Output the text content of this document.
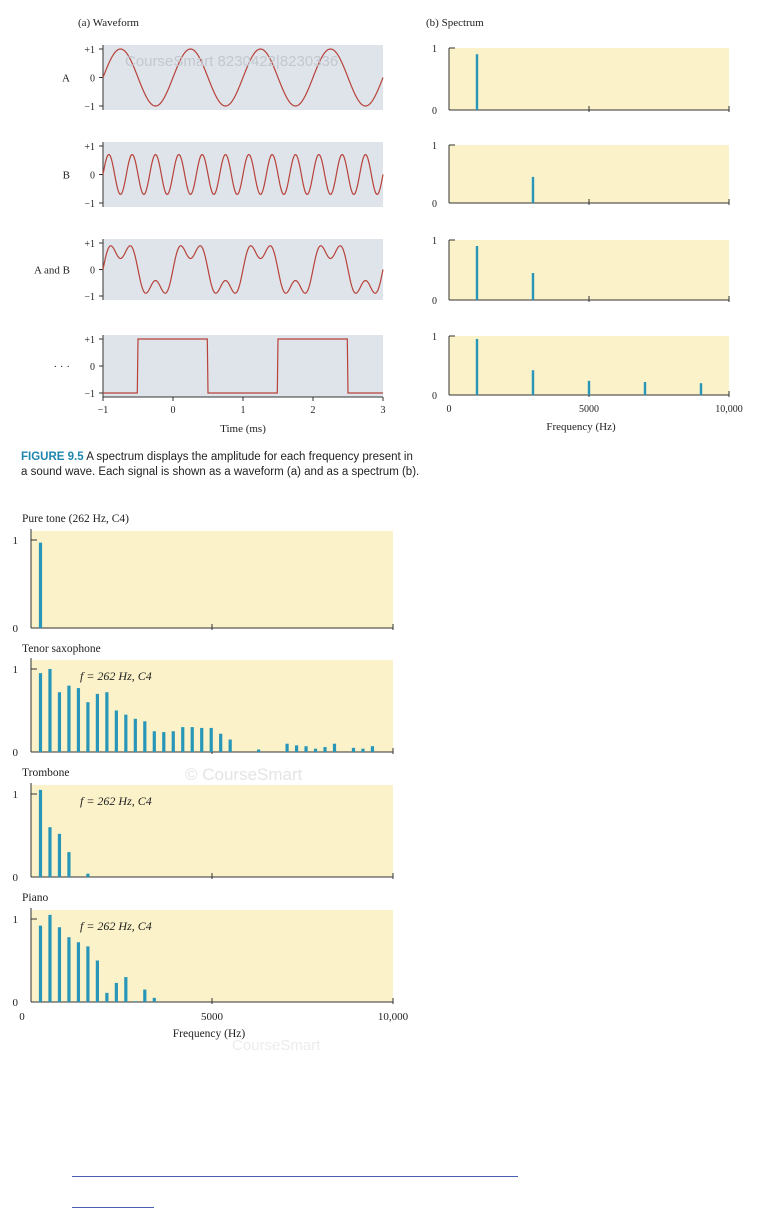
(a) Waveform
+1
0
−1
A
+1
0
−1
B
+1
0
−1
A and B
+1
0
−1
· · ·
−1	0	1	2	3
Time (ms)
(b) Spectrum
1
0
1
0
1
0
1
0
0	5000	10,000
Frequency (Hz)
1
0
Pure tone (262 Hz, C4)
1
0
Tenor saxophone
f = 262 Hz, C4
1
0
Trombone
f = 262 Hz, C4
1
0
Piano
f = 262 Hz, C4
0	5000	10,000
Frequency (Hz)
CourseSmart 8230422|8230336
© CourseSmart
CourseSmart
FIGURE 9.5 A spectrum displays the amplitude for each frequency present in a sound wave. Each signal is shown as a waveform (a) and as a spectrum (b).
